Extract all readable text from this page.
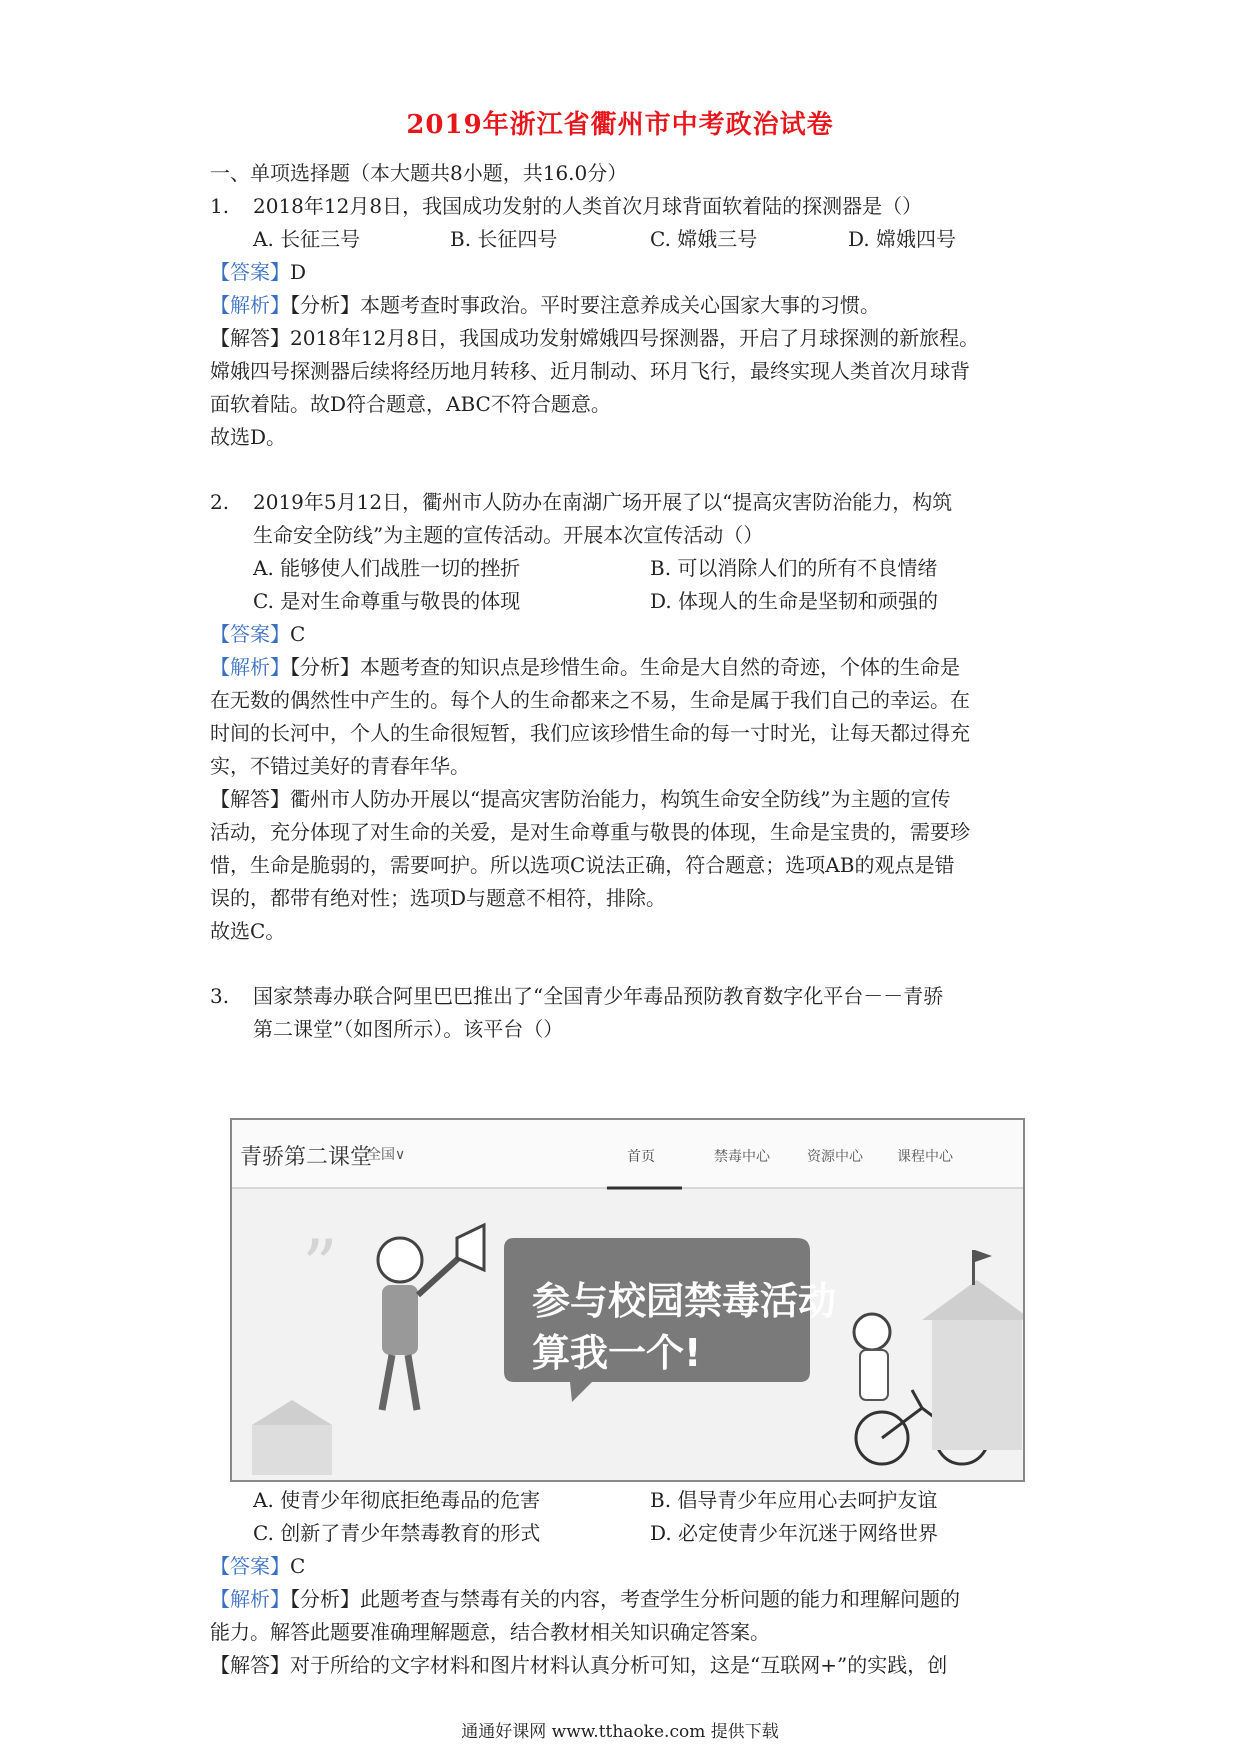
2019年浙江省衢州市中考政治试卷
一、单项选择题（本大题共8小题，共16.0分）
1. 2018年12月8日，我国成功发射的人类首次月球背面软着陆的探测器是（）
A. 长征三号	B. 长征四号	C. 嫦娥三号	D. 嫦娥四号
【答案】D
【解析】【分析】本题考查时事政治。平时要注意养成关心国家大事的习惯。
【解答】2018年12月8日，我国成功发射嫦娥四号探测器，开启了月球探测的新旅程。
嫦娥四号探测器后续将经历地月转移、近月制动、环月飞行，最终实现人类首次月球背
面软着陆。故D符合题意，ABC不符合题意。
故选D。
2. 2019年5月12日，衢州市人防办在南湖广场开展了以“提高灾害防治能力，构筑
生命安全防线”为主题的宣传活动。开展本次宣传活动（）
A. 能够使人们战胜一切的挫折	B. 可以消除人们的所有不良情绪
C. 是对生命尊重与敬畏的体现	D. 体现人的生命是坚韧和顽强的
【答案】C
【解析】【分析】本题考查的知识点是珍惜生命。生命是大自然的奇迹，个体的生命是
在无数的偶然性中产生的。每个人的生命都来之不易，生命是属于我们自己的幸运。在
时间的长河中，个人的生命很短暂，我们应该珍惜生命的每一寸时光，让每天都过得充
实，不错过美好的青春年华。
【解答】衢州市人防办开展以“提高灾害防治能力，构筑生命安全防线”为主题的宣传
活动，充分体现了对生命的关爱，是对生命尊重与敬畏的体现，生命是宝贵的，需要珍
惜，生命是脆弱的，需要呵护。所以选项C说法正确，符合题意；选项AB的观点是错
误的，都带有绝对性；选项D与题意不相符，排除。
故选C。
3. 国家禁毒办联合阿里巴巴推出了“全国青少年毒品预防教育数字化平台－－青骄
第二课堂”（如图所示）。该平台（）
”
青骄第二课堂
全国∨	首页	禁毒中心	资源中心 课程中心
参与校园禁毒活动
算我一个!
A. 使青少年彻底拒绝毒品的危害	B. 倡导青少年应用心去呵护友谊
C. 创新了青少年禁毒教育的形式	D. 必定使青少年沉迷于网络世界
【答案】C
【解析】【分析】此题考查与禁毒有关的内容，考查学生分析问题的能力和理解问题的
能力。解答此题要准确理解题意，结合教材相关知识确定答案。
【解答】对于所给的文字材料和图片材料认真分析可知，这是“互联网+”的实践，创
通通好课网 www.tthaoke.com 提供下载
